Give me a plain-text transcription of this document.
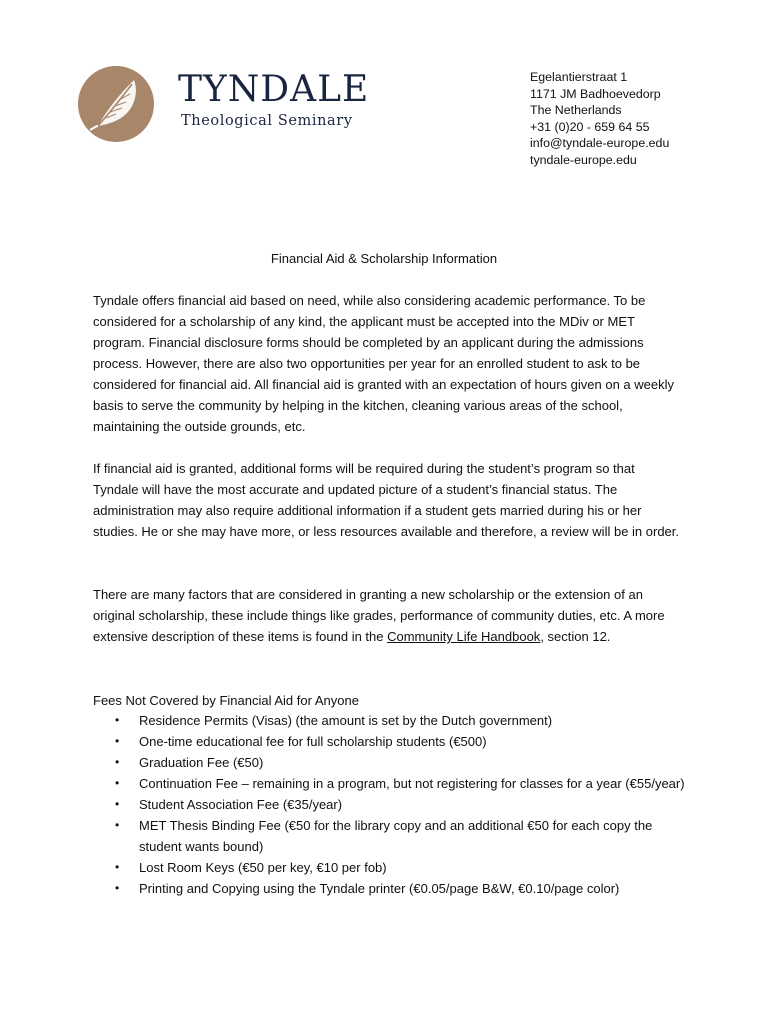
TYNDALE
Theological Seminary
Egelantierstraat 1
1171 JM Badhoevedorp
The Netherlands
+31 (0)20 - 659 64 55
info@tyndale-europe.edu
tyndale-europe.edu
Financial Aid & Scholarship Information
Tyndale offers financial aid based on need, while also considering academic performance. To be considered for a scholarship of any kind, the applicant must be accepted into the MDiv or MET program. Financial disclosure forms should be completed by an applicant during the admissions process. However, there are also two opportunities per year for an enrolled student to ask to be considered for financial aid. All financial aid is granted with an expectation of hours given on a weekly basis to serve the community by helping in the kitchen, cleaning various areas of the school, maintaining the outside grounds, etc.
If financial aid is granted, additional forms will be required during the student’s program so that Tyndale will have the most accurate and updated picture of a student’s financial status. The administration may also require additional information if a student gets married during his or her studies. He or she may have more, or less resources available and therefore, a review will be in order.
There are many factors that are considered in granting a new scholarship or the extension of an original scholarship, these include things like grades, performance of community duties, etc. A more extensive description of these items is found in the Community Life Handbook, section 12.
Fees Not Covered by Financial Aid for Anyone
• Residence Permits (Visas) (the amount is set by the Dutch government)
• One-time educational fee for full scholarship students (€500)
• Graduation Fee (€50)
• Continuation Fee – remaining in a program, but not registering for classes for a year (€55/year)
• Student Association Fee (€35/year)
• MET Thesis Binding Fee (€50 for the library copy and an additional €50 for each copy the student wants bound)
• Lost Room Keys (€50 per key, €10 per fob)
• Printing and Copying using the Tyndale printer (€0.05/page B&W, €0.10/page color)
